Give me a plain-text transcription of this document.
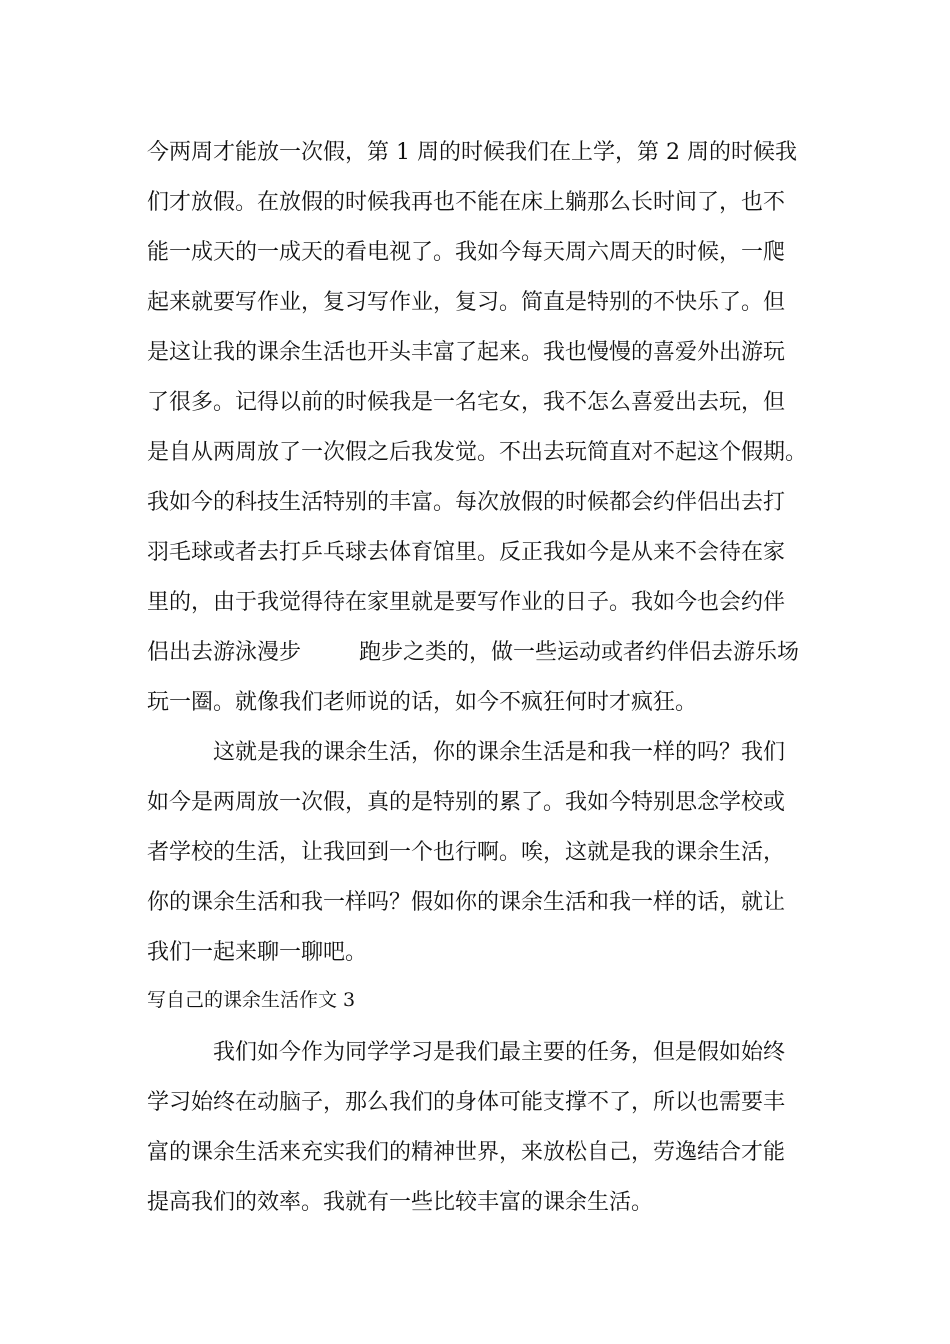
今两周才能放一次假，第 1 周的时候我们在上学，第 2 周的时候我
们才放假。在放假的时候我再也不能在床上躺那么长时间了，也不
能一成天的一成天的看电视了。我如今每天周六周天的时候，一爬
起来就要写作业，复习写作业，复习。简直是特别的不快乐了。但
是这让我的课余生活也开头丰富了起来。我也慢慢的喜爱外出游玩
了很多。记得以前的时候我是一名宅女，我不怎么喜爱出去玩，但
是自从两周放了一次假之后我发觉。不出去玩简直对不起这个假期。
我如今的科技生活特别的丰富。每次放假的时候都会约伴侣出去打
羽毛球或者去打乒乓球去体育馆里。反正我如今是从来不会待在家
里的，由于我觉得待在家里就是要写作业的日子。我如今也会约伴
侣出去游泳漫步	跑步之类的，做一些运动或者约伴侣去游乐场
玩一圈。就像我们老师说的话，如今不疯狂何时才疯狂。
这就是我的课余生活，你的课余生活是和我一样的吗？我们
如今是两周放一次假，真的是特别的累了。我如今特别思念学校或
者学校的生活，让我回到一个也行啊。唉，这就是我的课余生活，
你的课余生活和我一样吗？假如你的课余生活和我一样的话，就让
我们一起来聊一聊吧。
写自己的课余生活作文 3
我们如今作为同学学习是我们最主要的任务，但是假如始终
学习始终在动脑子，那么我们的身体可能支撑不了，所以也需要丰
富的课余生活来充实我们的精神世界，来放松自己，劳逸结合才能
提高我们的效率。我就有一些比较丰富的课余生活。
